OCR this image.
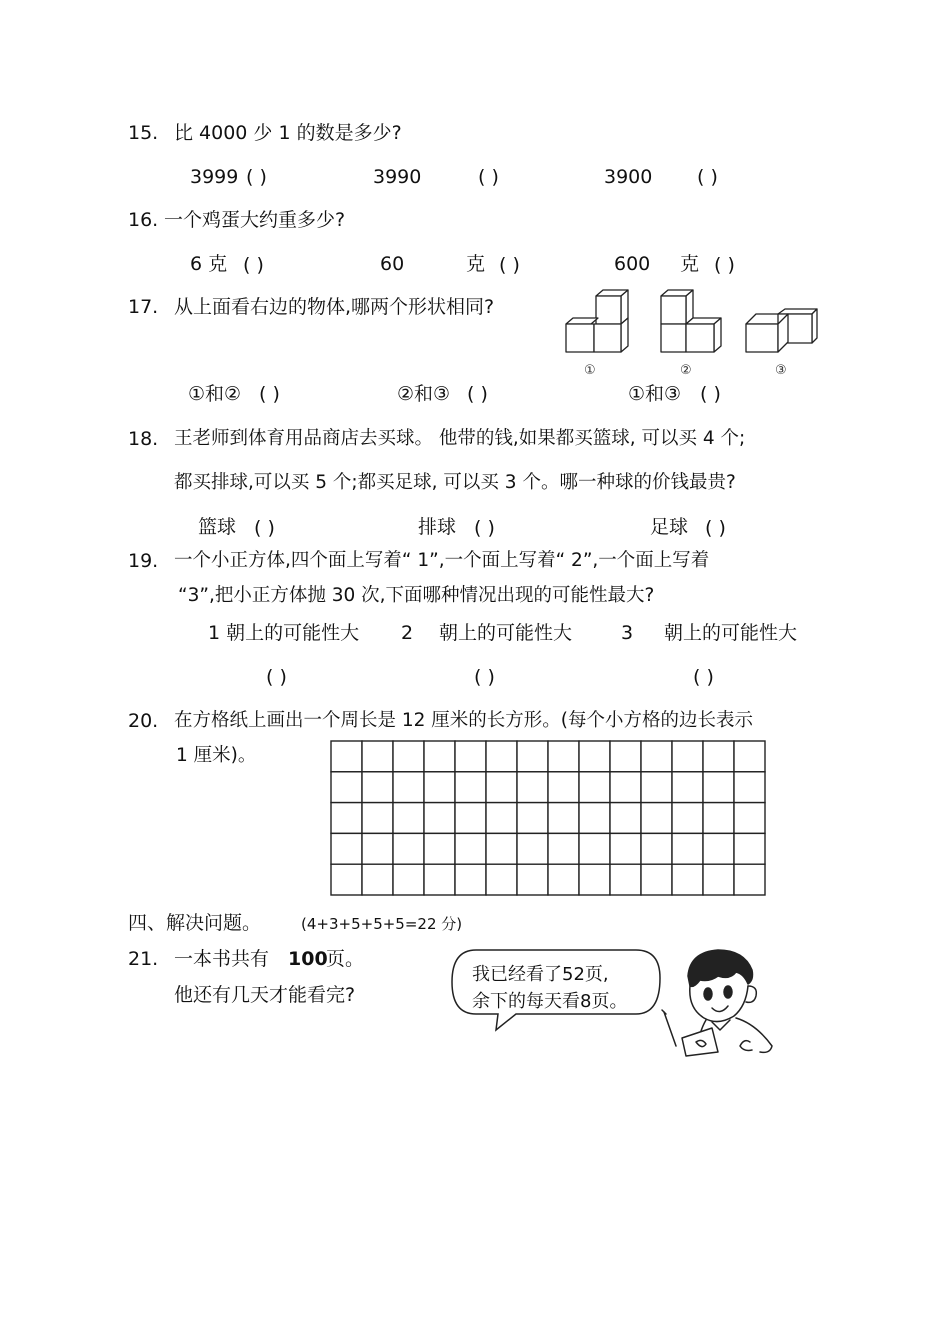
15. 比 4000 少 1 的数是多少?
3999 ( )	3990	( )	3900 ( )
16. 一个鸡蛋大约重多少?
6 克 ( )	60	克 ( )	600 克 ( )
17. 从上面看右边的物体,哪两个形状相同?
①	②	③
①和② ( )	②和③ ( )	①和③ ( )
18. 王老师到体育用品商店去买球。 他带的钱,如果都买篮球, 可以买 4 个;
都买排球,可以买 5 个;都买足球, 可以买 3 个。哪一种球的价钱最贵?
篮球 ( )	排球 ( )	足球 ( )
19. 一个小正方体,四个面上写着“ 1”,一个面上写着“ 2”,一个面上写着
“3”,把小正方体抛 30 次,下面哪种情况出现的可能性最大?
1 朝上的可能性大 2 朝上的可能性大	3 朝上的可能性大
( )	( )	( )
20. 在方格纸上画出一个周长是 12 厘米的长方形。(每个小方格的边长表示
1 厘米)。
四、解决问题。	(4+3+5+5+5=22 分)
21. 一本书共有 100
页。
他还有几天才能看完?
我已经看了52页,
余下的每天看8页。
